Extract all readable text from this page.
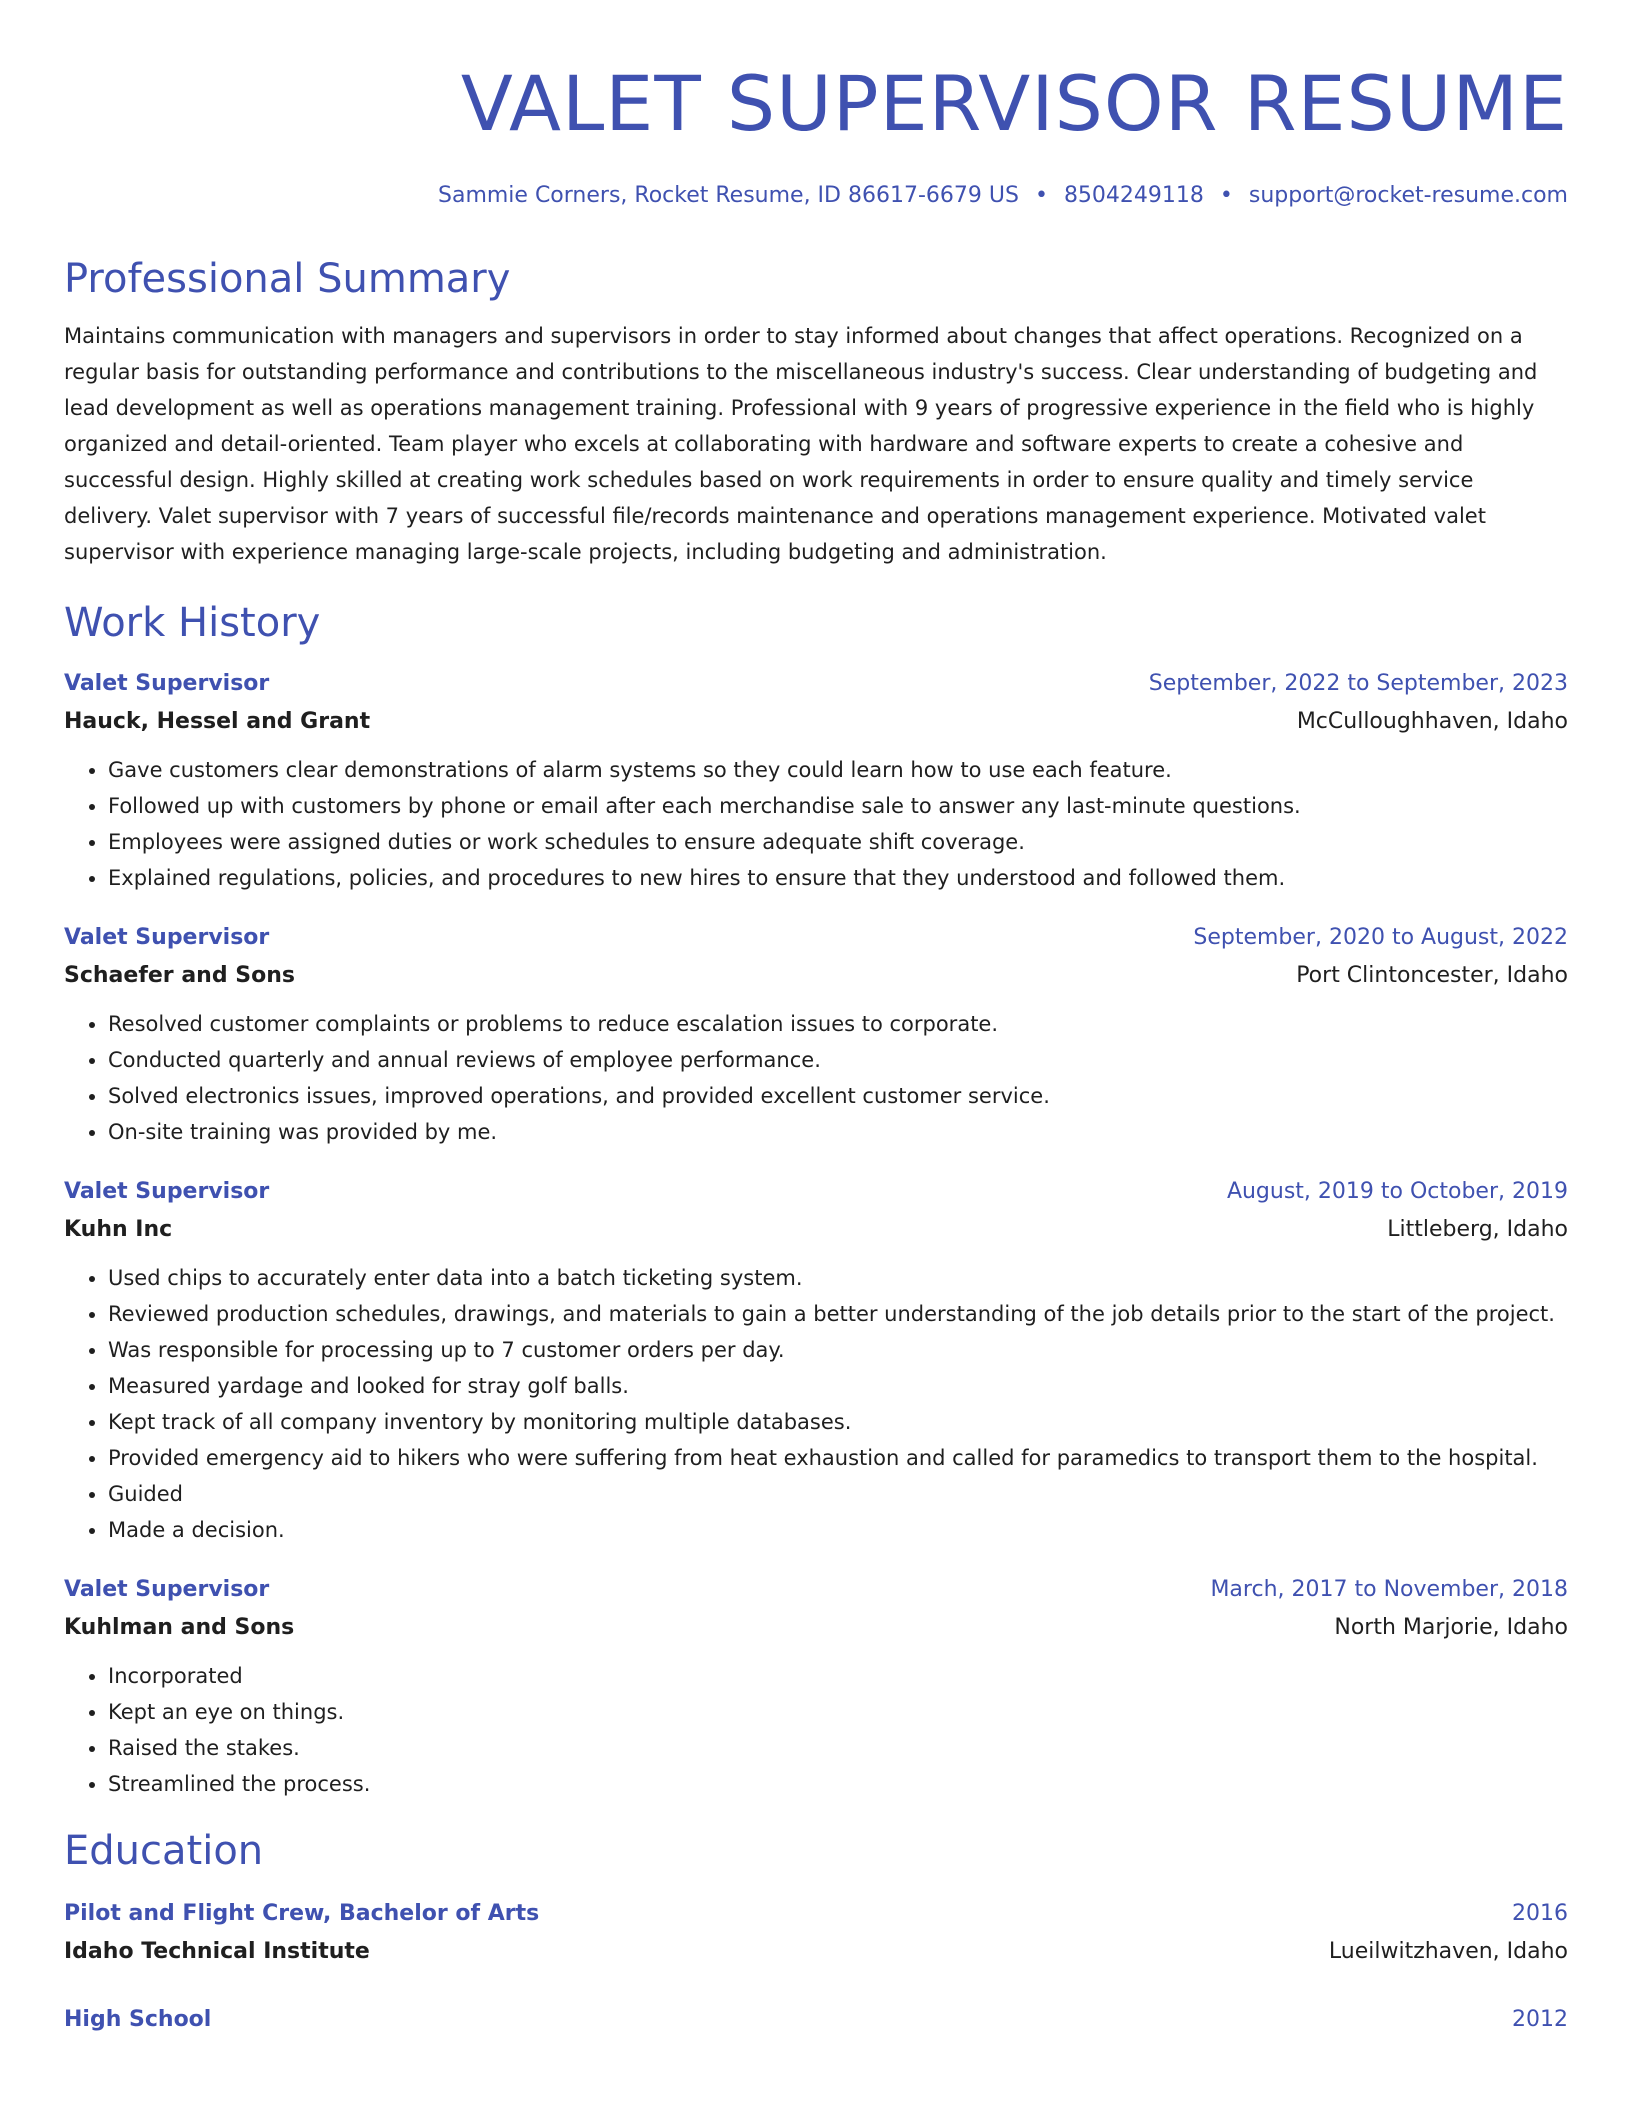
VALET SUPERVISOR RESUME
Sammie Corners, Rocket Resume, ID 86617-6679 US • 8504249118 • support@rocket-resume.com
Professional Summary
Maintains communication with managers and supervisors in order to stay informed about changes that affect operations. Recognized on a regular basis for outstanding performance and contributions to the miscellaneous industry's success. Clear understanding of budgeting and lead development as well as operations management training. Professional with 9 years of progressive experience in the field who is highly organized and detail-oriented. Team player who excels at collaborating with hardware and software experts to create a cohesive and successful design. Highly skilled at creating work schedules based on work requirements in order to ensure quality and timely service delivery. Valet supervisor with 7 years of successful file/records maintenance and operations management experience. Motivated valet supervisor with experience managing large-scale projects, including budgeting and administration.
Work History
Valet Supervisor	September, 2022 to September, 2023
Hauck, Hessel and Grant	McCulloughhaven, Idaho
• Gave customers clear demonstrations of alarm systems so they could learn how to use each feature.
• Followed up with customers by phone or email after each merchandise sale to answer any last-minute questions.
• Employees were assigned duties or work schedules to ensure adequate shift coverage.
• Explained regulations, policies, and procedures to new hires to ensure that they understood and followed them.
Valet Supervisor	September, 2020 to August, 2022
Schaefer and Sons	Port Clintoncester, Idaho
• Resolved customer complaints or problems to reduce escalation issues to corporate.
• Conducted quarterly and annual reviews of employee performance.
• Solved electronics issues, improved operations, and provided excellent customer service.
• On-site training was provided by me.
Valet Supervisor	August, 2019 to October, 2019
Kuhn Inc	Littleberg, Idaho
• Used chips to accurately enter data into a batch ticketing system.
• Reviewed production schedules, drawings, and materials to gain a better understanding of the job details prior to the start of the project.
• Was responsible for processing up to 7 customer orders per day.
• Measured yardage and looked for stray golf balls.
• Kept track of all company inventory by monitoring multiple databases.
• Provided emergency aid to hikers who were suffering from heat exhaustion and called for paramedics to transport them to the hospital.
• Guided
• Made a decision.
Valet Supervisor	March, 2017 to November, 2018
Kuhlman and Sons	North Marjorie, Idaho
• Incorporated
• Kept an eye on things.
• Raised the stakes.
• Streamlined the process.
Education
Pilot and Flight Crew, Bachelor of Arts	2016
Idaho Technical Institute	Lueilwitzhaven, Idaho
High School	2012
